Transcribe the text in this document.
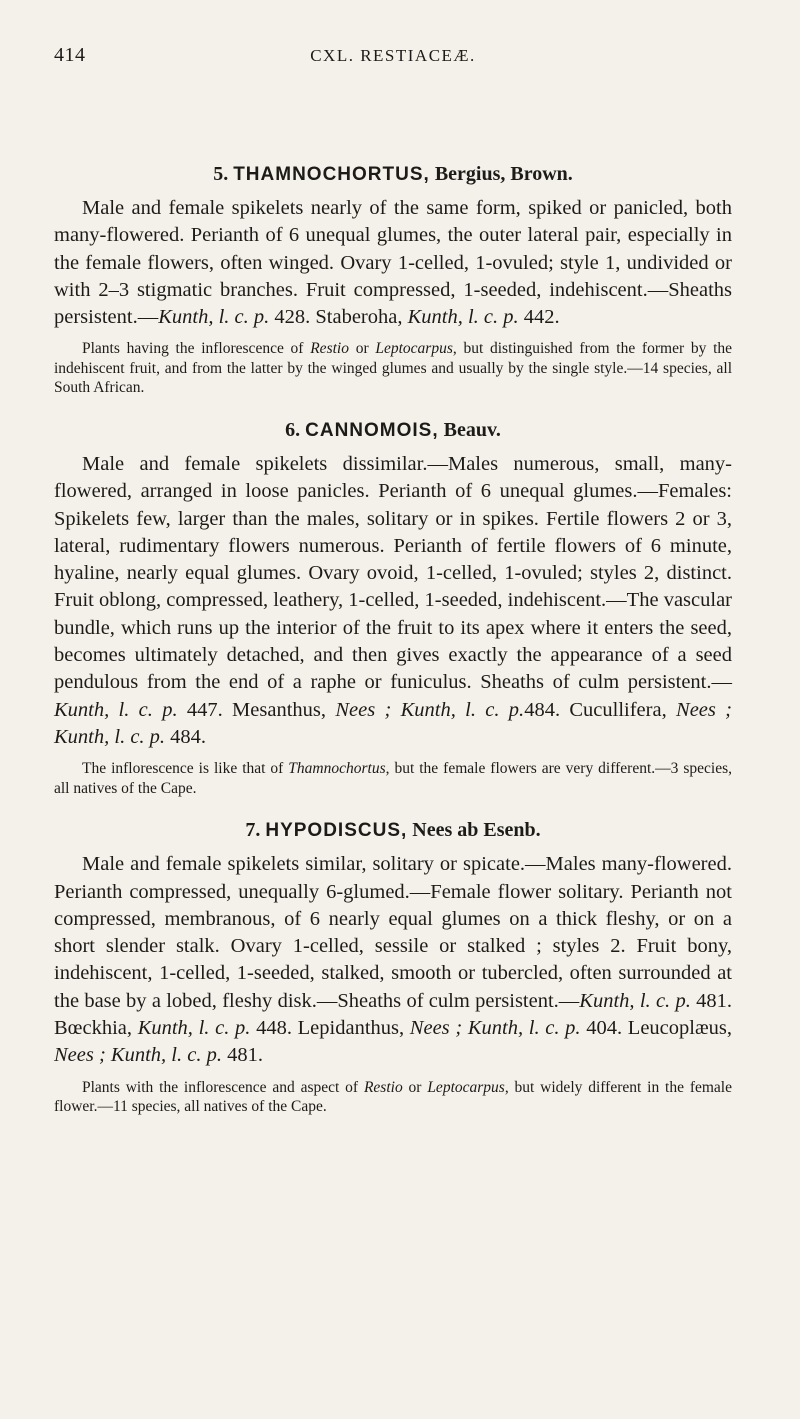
414	CXL. RESTIACEÆ.
5. THAMNOCHORTUS, Bergius, Brown.

Male and female spikelets nearly of the same form, spiked or panicled, both many-flowered. Perianth of 6 unequal glumes, the outer lateral pair, especially in the female flowers, often winged. Ovary 1-celled, 1-ovuled; style 1, undivided or with 2–3 stigmatic branches. Fruit compressed, 1-seeded, indehiscent.—Sheaths persistent.—Kunth, l. c. p. 428. Staberoha, Kunth, l. c. p. 442.

Plants having the inflorescence of Restio or Leptocarpus, but distinguished from the former by the indehiscent fruit, and from the latter by the winged glumes and usually by the single style.—14 species, all South African.

6. CANNOMOIS, Beauv.

Male and female spikelets dissimilar.—Males numerous, small, many-flowered, arranged in loose panicles. Perianth of 6 unequal glumes.—Females: Spikelets few, larger than the males, solitary or in spikes. Fertile flowers 2 or 3, lateral, rudimentary flowers numerous. Perianth of fertile flowers of 6 minute, hyaline, nearly equal glumes. Ovary ovoid, 1-celled, 1-ovuled; styles 2, distinct. Fruit oblong, compressed, leathery, 1-celled, 1-seeded, indehiscent.—The vascular bundle, which runs up the interior of the fruit to its apex where it enters the seed, becomes ultimately detached, and then gives exactly the appearance of a seed pendulous from the end of a raphe or funiculus. Sheaths of culm persistent.—Kunth, l. c. p. 447. Mesanthus, Nees ; Kunth, l. c. p.484. Cucullifera, Nees ; Kunth, l. c. p. 484.

The inflorescence is like that of Thamnochortus, but the female flowers are very different.—3 species, all natives of the Cape.

7. HYPODISCUS, Nees ab Esenb.

Male and female spikelets similar, solitary or spicate.—Males many-flowered. Perianth compressed, unequally 6-glumed.—Female flower solitary. Perianth not compressed, membranous, of 6 nearly equal glumes on a thick fleshy, or on a short slender stalk. Ovary 1-celled, sessile or stalked ; styles 2. Fruit bony, indehiscent, 1-celled, 1-seeded, stalked, smooth or tubercled, often surrounded at the base by a lobed, fleshy disk.—Sheaths of culm persistent.—Kunth, l. c. p. 481. Bœckhia, Kunth, l. c. p. 448. Lepidanthus, Nees ; Kunth, l. c. p. 404. Leucoplæus, Nees ; Kunth, l. c. p. 481.

Plants with the inflorescence and aspect of Restio or Leptocarpus, but widely different in the female flower.—11 species, all natives of the Cape.
